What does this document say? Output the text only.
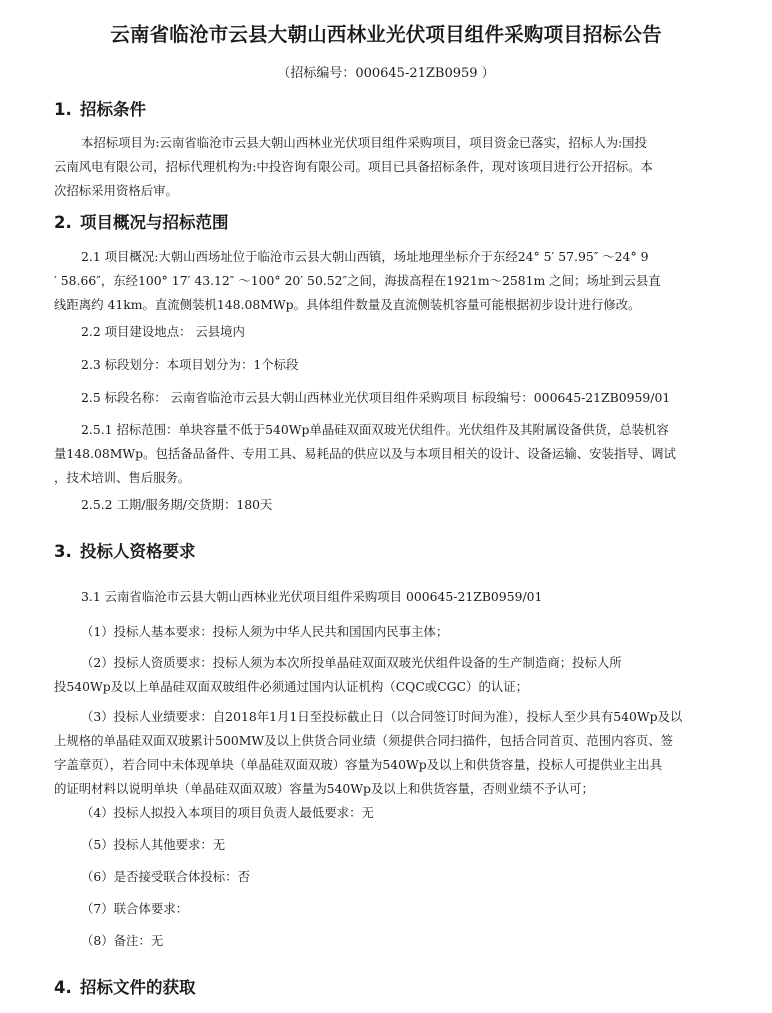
云南省临沧市云县大朝山西林业光伏项目组件采购项目招标公告
（招标编号：000645-21ZB0959 ）
1. 招标条件
本招标项目为:云南省临沧市云县大朝山西林业光伏项目组件采购项目，项目资金已落实，招标人为:国投
云南风电有限公司，招标代理机构为:中投咨询有限公司。项目已具备招标条件，现对该项目进行公开招标。本
次招标采用资格后审。
2. 项目概况与招标范围
2.1 项目概况:大朝山西场址位于临沧市云县大朝山西镇，场址地理坐标介于东经24° 5′ 57.95″ ～24° 9
′ 58.66″，东经100° 17′ 43.12″ ～100° 20′ 50.52″之间，海拔高程在1921m～2581m 之间；场址到云县直
线距离约 41km。直流侧装机148.08MWp。具体组件数量及直流侧装机容量可能根据初步设计进行修改。
2.2 项目建设地点： 云县境内
2.3 标段划分：本项目划分为：1个标段
2.5 标段名称： 云南省临沧市云县大朝山西林业光伏项目组件采购项目 标段编号：000645-21ZB0959/01
2.5.1 招标范围：单块容量不低于540Wp单晶硅双面双玻光伏组件。光伏组件及其附属设备供货，总装机容
量148.08MWp。包括备品备件、专用工具、易耗品的供应以及与本项目相关的设计、设备运输、安装指导、调试
，技术培训、售后服务。
2.5.2 工期/服务期/交货期：180天
3. 投标人资格要求
3.1 云南省临沧市云县大朝山西林业光伏项目组件采购项目 000645-21ZB0959/01
（1）投标人基本要求：投标人须为中华人民共和国国内民事主体；
（2）投标人资质要求：投标人须为本次所投单晶硅双面双玻光伏组件设备的生产制造商；投标人所
投540Wp及以上单晶硅双面双玻组件必须通过国内认证机构（CQC或CGC）的认证；
（3）投标人业绩要求：自2018年1月1日至投标截止日（以合同签订时间为准），投标人至少具有540Wp及以
上规格的单晶硅双面双玻累计500MW及以上供货合同业绩（须提供合同扫描件，包括合同首页、范围内容页、签
字盖章页），若合同中未体现单块（单晶硅双面双玻）容量为540Wp及以上和供货容量，投标人可提供业主出具
的证明材料以说明单块（单晶硅双面双玻）容量为540Wp及以上和供货容量，否则业绩不予认可；
（4）投标人拟投入本项目的项目负责人最低要求：无
（5）投标人其他要求：无
（6）是否接受联合体投标：否
（7）联合体要求：
（8）备注：无
4. 招标文件的获取
